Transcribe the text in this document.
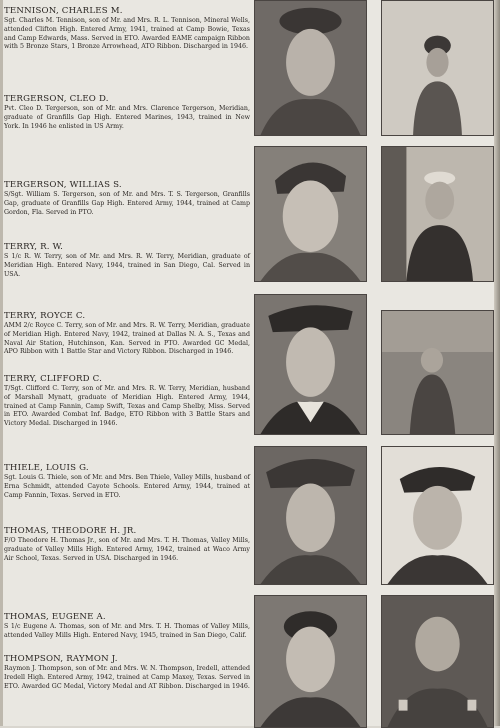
TENNISON, CHARLES M.
Sgt. Charles M. Tennison, son of Mr. and Mrs. R. L. Tennison, Mineral Wells, attended Clifton High. Entered Army, 1941, trained at Camp Bowie, Texas and Camp Edwards, Mass. Served in ETO. Awarded EAME campaign Ribbon with 5 Bronze Stars, 1 Bronze Arrowhead, ATO Ribbon. Discharged in 1946.
TERGERSON, CLEO D.
Pvt. Cleo D. Tergerson, son of Mr. and Mrs. Clarence Tergerson, Meridian, graduate of Granfills Gap High. Entered Marines, 1943, trained in New York. In 1946 he enlisted in US Army.
TERGERSON, WILLIAS S.
S/Sgt. William S. Tergerson, son of Mr. and Mrs. T. S. Tergerson, Granfills Gap, graduate of Granfills Gap High. Entered Army, 1944, trained at Camp Gordon, Fla. Served in PTO.
TERRY, R. W.
S 1/c R. W. Terry, son of Mr. and Mrs. R. W. Terry, Meridian, graduate of Meridian High. Entered Navy, 1944, trained in San Diego, Cal. Served in USA.
TERRY, ROYCE C.
AMM 2/c Royce C. Terry, son of Mr. and Mrs. R. W. Terry, Meridian, graduate of Meridian High. Entered Navy, 1942, trained at Dallas N. A. S., Texas and Naval Air Station, Hutchinson, Kan. Served in PTO. Awarded GC Medal, APO Ribbon with 1 Battle Star and Victory Ribbon. Discharged in 1946.
TERRY, CLIFFORD C.
T/Sgt. Clifford C. Terry, son of Mr. and Mrs. R. W. Terry, Meridian, husband of Marshall Mynatt, graduate of Meridian High. Entered Army, 1944, trained at Camp Fannin, Camp Swift, Texas and Camp Shelby, Miss. Served in ETO. Awarded Combat Inf. Badge, ETO Ribbon with 3 Battle Stars and Victory Medal. Discharged in 1946.
THIELE, LOUIS G.
Sgt. Louis G. Thiele, son of Mr. and Mrs. Ben Thiele, Valley Mills, husband of Erna Schmidt, attended Cayote Schools. Entered Army, 1944, trained at Camp Fannin, Texas. Served in ETO.
THOMAS, THEODORE H. JR.
F/O Theodore H. Thomas Jr., son of Mr. and Mrs. T. H. Thomas, Valley Mills, graduate of Valley Mills High. Entered Army, 1942, trained at Waco Army Air School, Texas. Served in USA. Discharged in 1946.
THOMAS, EUGENE A.
S 1/c Eugene A. Thomas, son of Mr. and Mrs. T. H. Thomas of Valley Mills, attended Valley Mills High. Entered Navy, 1945, trained in San Diego, Calif.
THOMPSON, RAYMON J.
Raymon J. Thompson, son of Mr. and Mrs. W. N. Thompson, Iredell, attended Iredell High. Entered Army, 1942, trained at Camp Maxey, Texas. Served in ETO. Awarded GC Medal, Victory Medal and AT Ribbon. Discharged in 1946.
